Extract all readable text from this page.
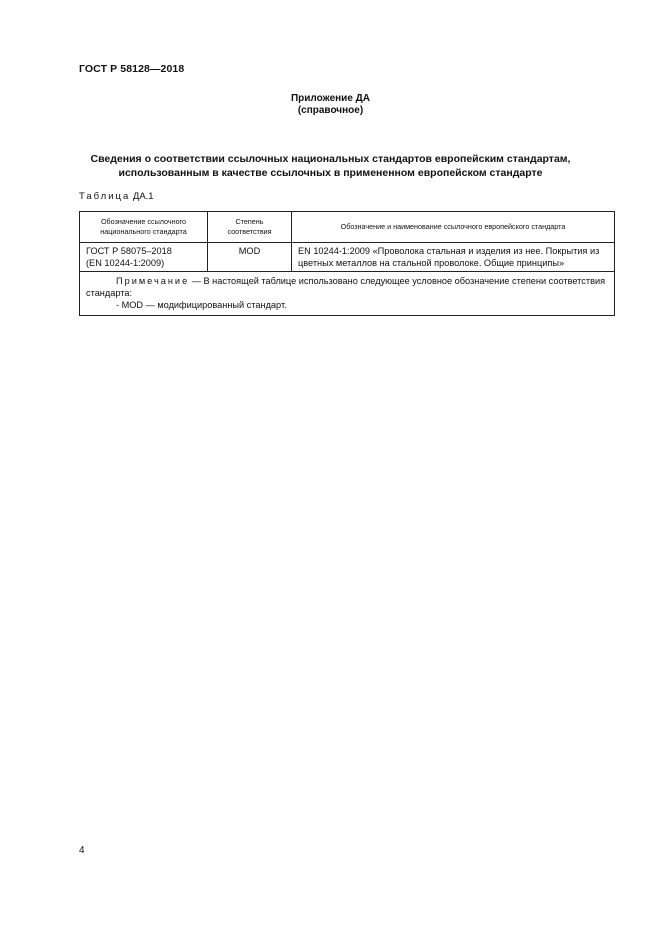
ГОСТ Р 58128—2018
Приложение ДА
(справочное)
Сведения о соответствии ссылочных национальных стандартов европейским стандартам,
использованным в качестве ссылочных в примененном европейском стандарте
Таблица ДА.1
Обозначение ссылочного национального стандарта	Степень соответствия	Обозначение и наименование ссылочного европейского стандарта

ГОСТ Р 58075–2018
(EN 10244-1:2009)	MOD	EN 10244-1:2009 «Проволока стальная и изделия из нее. Покрытия из цветных металлов на стальной проволоке. Общие принципы»

Примечание — В настоящей таблице использовано следующее условное обозначение степени соответствия стандарта:
- MOD — модифицированный стандарт.		
4
